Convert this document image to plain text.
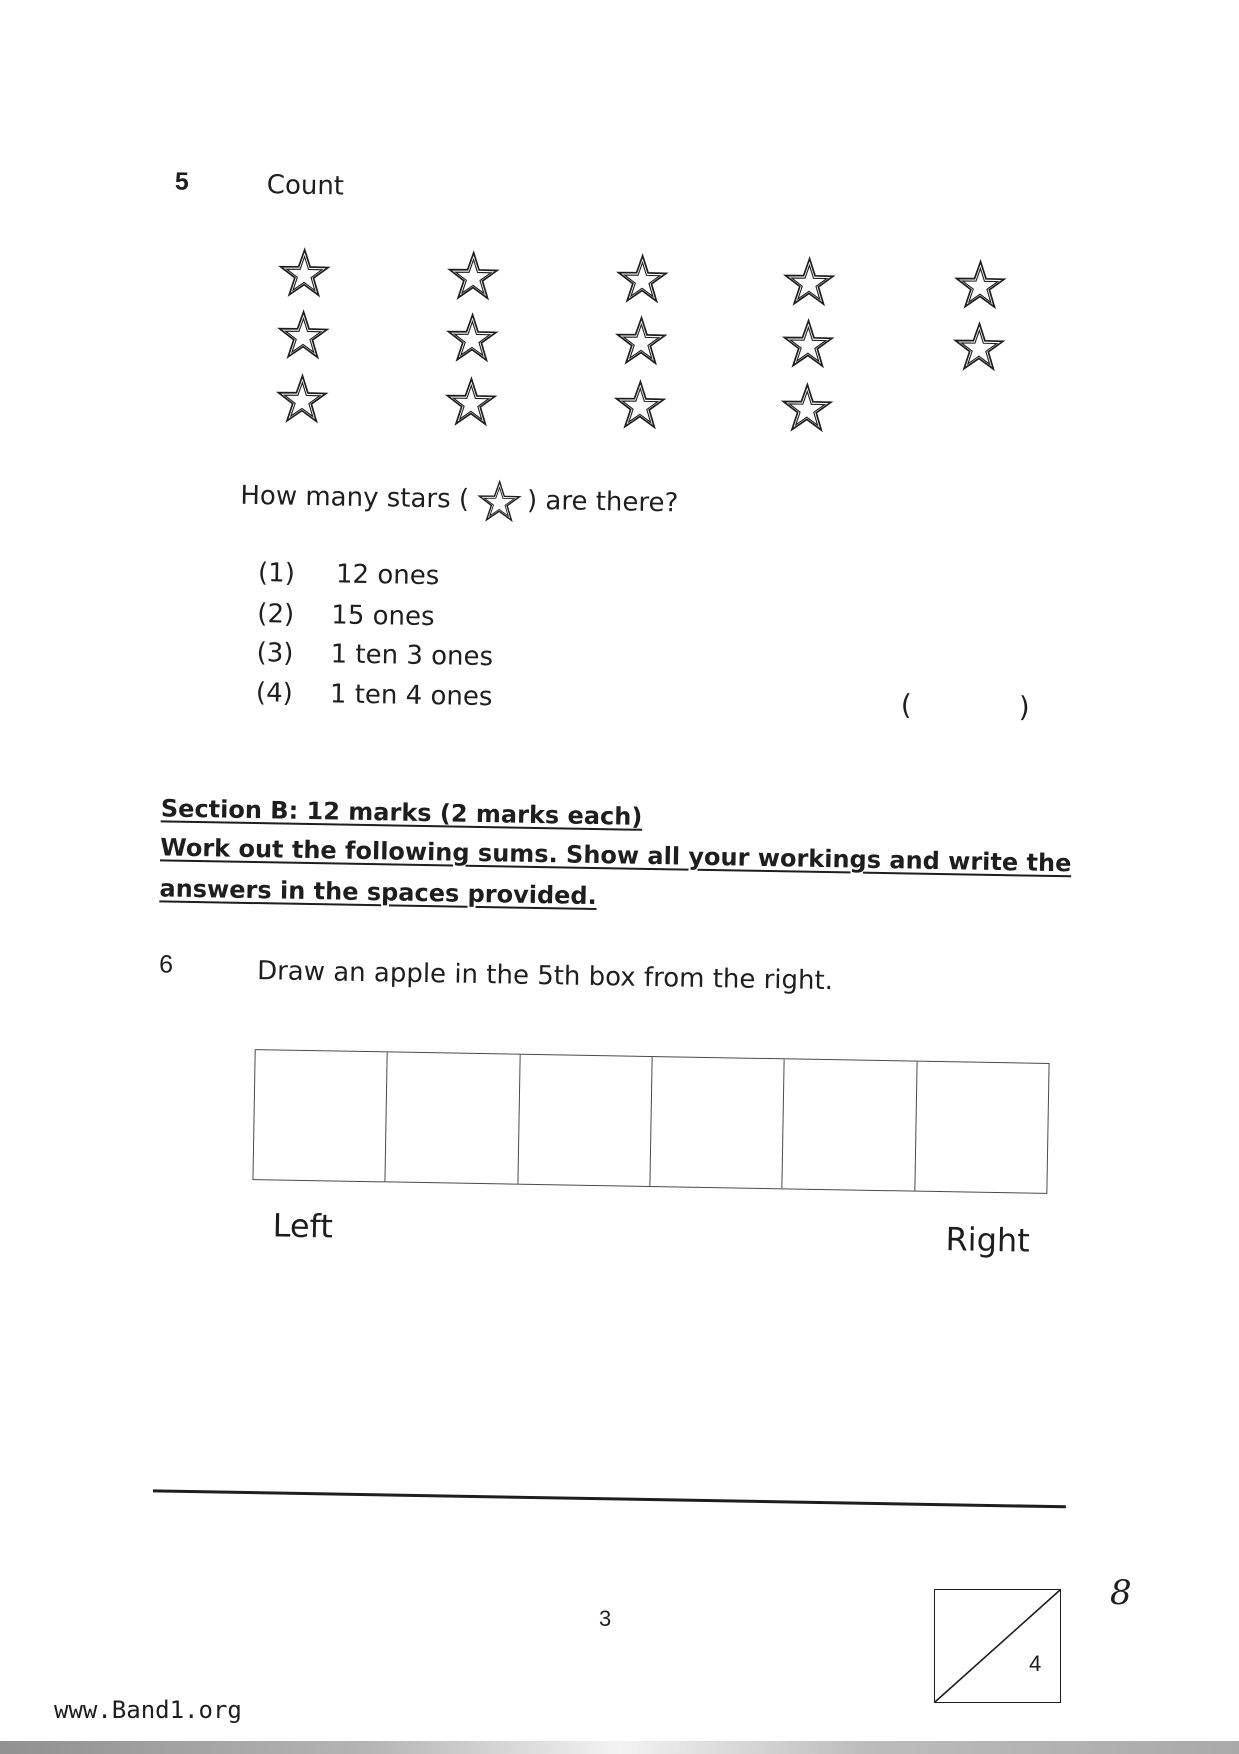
5	Count
How many stars ( ) are there?
(1) 12 ones
(2) 15 ones
(3) 1 ten 3 ones
(4) 1 ten 4 ones	(	)
Section B: 12 marks (2 marks each)
Work out the following sums. Show all your workings and write the
answers in the spaces provided.
6	Draw an apple in the 5th box from the right.
Left	Right
3
4
8
www.Band1.org
